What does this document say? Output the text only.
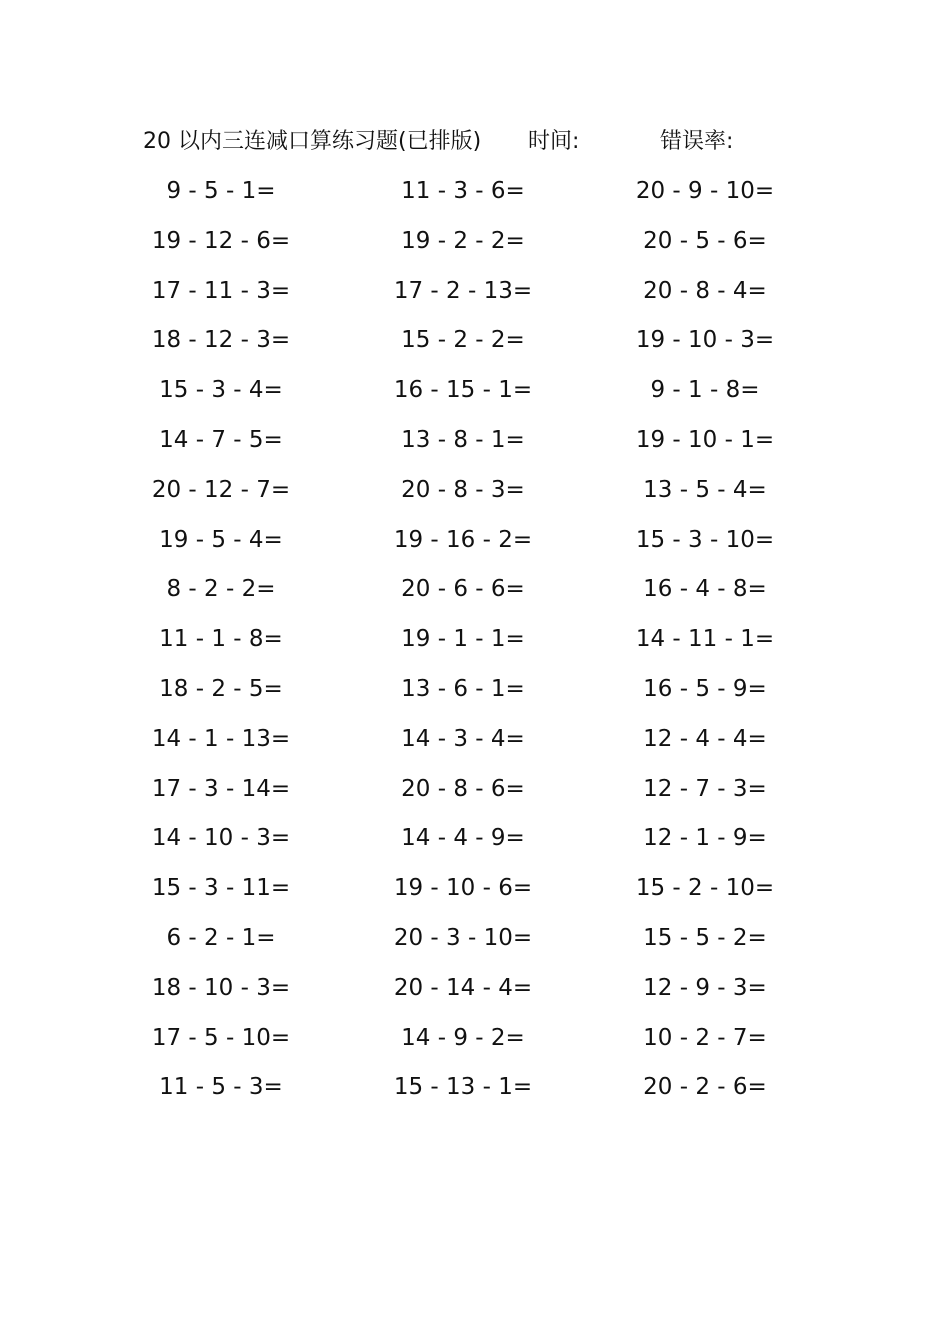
20 以内三连减口算练习题(已排版) 时间:	错误率:
9 - 5 - 1=	11 - 3 - 6=	20 - 9 - 10=
19 - 12 - 6=	19 - 2 - 2=	20 - 5 - 6=
17 - 11 - 3=	17 - 2 - 13=	20 - 8 - 4=
18 - 12 - 3=	15 - 2 - 2=	19 - 10 - 3=
15 - 3 - 4=	16 - 15 - 1=	9 - 1 - 8=
14 - 7 - 5=	13 - 8 - 1=	19 - 10 - 1=
20 - 12 - 7=	20 - 8 - 3=	13 - 5 - 4=
19 - 5 - 4=	19 - 16 - 2=	15 - 3 - 10=
8 - 2 - 2=	20 - 6 - 6=	16 - 4 - 8=
11 - 1 - 8=	19 - 1 - 1=	14 - 11 - 1=
18 - 2 - 5=	13 - 6 - 1=	16 - 5 - 9=
14 - 1 - 13=	14 - 3 - 4=	12 - 4 - 4=
17 - 3 - 14=	20 - 8 - 6=	12 - 7 - 3=
14 - 10 - 3=	14 - 4 - 9=	12 - 1 - 9=
15 - 3 - 11=	19 - 10 - 6=	15 - 2 - 10=
6 - 2 - 1=	20 - 3 - 10=	15 - 5 - 2=
18 - 10 - 3=	20 - 14 - 4=	12 - 9 - 3=
17 - 5 - 10=	14 - 9 - 2=	10 - 2 - 7=
11 - 5 - 3=	15 - 13 - 1=	20 - 2 - 6=
